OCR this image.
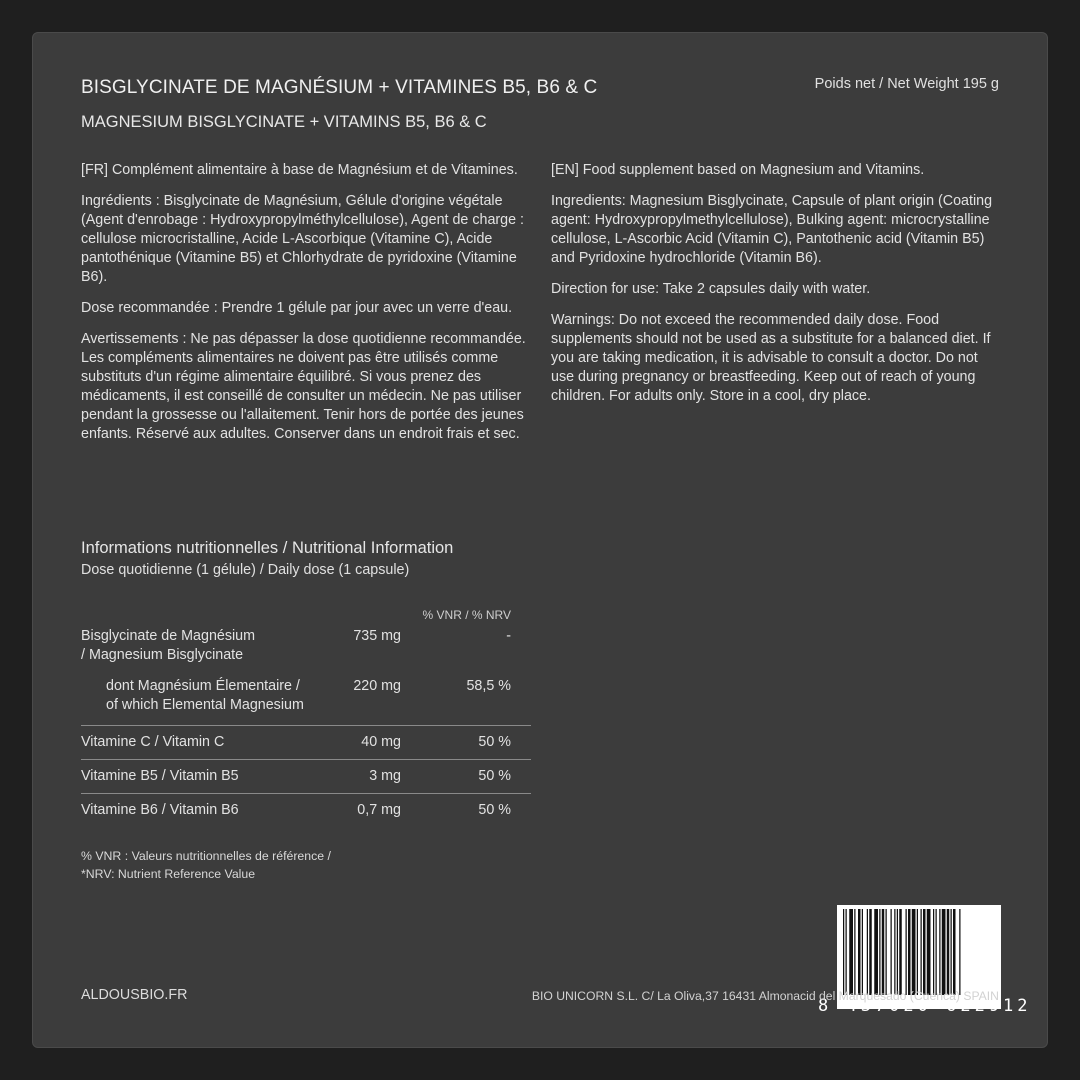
BISGLYCINATE DE MAGNÉSIUM + VITAMINES B5, B6 & C
MAGNESIUM BISGLYCINATE + VITAMINS B5, B6 & C
Poids net / Net Weight 195 g

[FR] Complément alimentaire à base de Magnésium et de Vitamines.

Ingrédients : Bisglycinate de Magnésium, Gélule d'origine végétale (Agent d'enrobage : Hydroxypropylméthylcellulose), Agent de charge : cellulose microcristalline, Acide L-Ascorbique (Vitamine C), Acide pantothénique (Vitamine B5) et Chlorhydrate de pyridoxine (Vitamine B6).

Dose recommandée : Prendre 1 gélule par jour avec un verre d'eau.

Avertissements : Ne pas dépasser la dose quotidienne recommandée. Les compléments alimentaires ne doivent pas être utilisés comme substituts d'un régime alimentaire équilibré. Si vous prenez des médicaments, il est conseillé de consulter un médecin. Ne pas utiliser pendant la grossesse ou l'allaitement. Tenir hors de portée des jeunes enfants. Réservé aux adultes. Conserver dans un endroit frais et sec.

[EN] Food supplement based on Magnesium and Vitamins.

Ingredients: Magnesium Bisglycinate, Capsule of plant origin (Coating agent: Hydroxypropylmethylcellulose), Bulking agent: microcrystalline cellulose, L-Ascorbic Acid (Vitamin C), Pantothenic acid (Vitamin B5) and Pyridoxine hydrochloride (Vitamin B6).

Direction for use: Take 2 capsules daily with water.

Warnings: Do not exceed the recommended daily dose. Food supplements should not be used as a substitute for a balanced diet. If you are taking medication, it is advisable to consult a doctor. Do not use during pregnancy or breastfeeding. Keep out of reach of young children. For adults only. Store in a cool, dry place.

Informations nutritionnelles / Nutritional Information
Dose quotidienne (1 gélule) / Daily dose (1 capsule)
% VNR / % NRV
Bisglycinate de Magnésium
/ Magnesium Bisglycinate
735 mg	-
dont Magnésium Élementaire /
of which Elemental Magnesium
220 mg	58,5 %
Vitamine C / Vitamin C	40 mg	50 %
Vitamine B5 / Vitamin B5	3 mg	50 %
Vitamine B6 / Vitamin B6	0,7 mg	50 %
% VNR : Valeurs nutritionnelles de référence /
*NRV: Nutrient Reference Value
8 437020 622912
ALDOUSBIO.FR	BIO UNICORN S.L. C/ La Oliva,37 16431 Almonacid del Marquesado (Cuenca) SPAIN
